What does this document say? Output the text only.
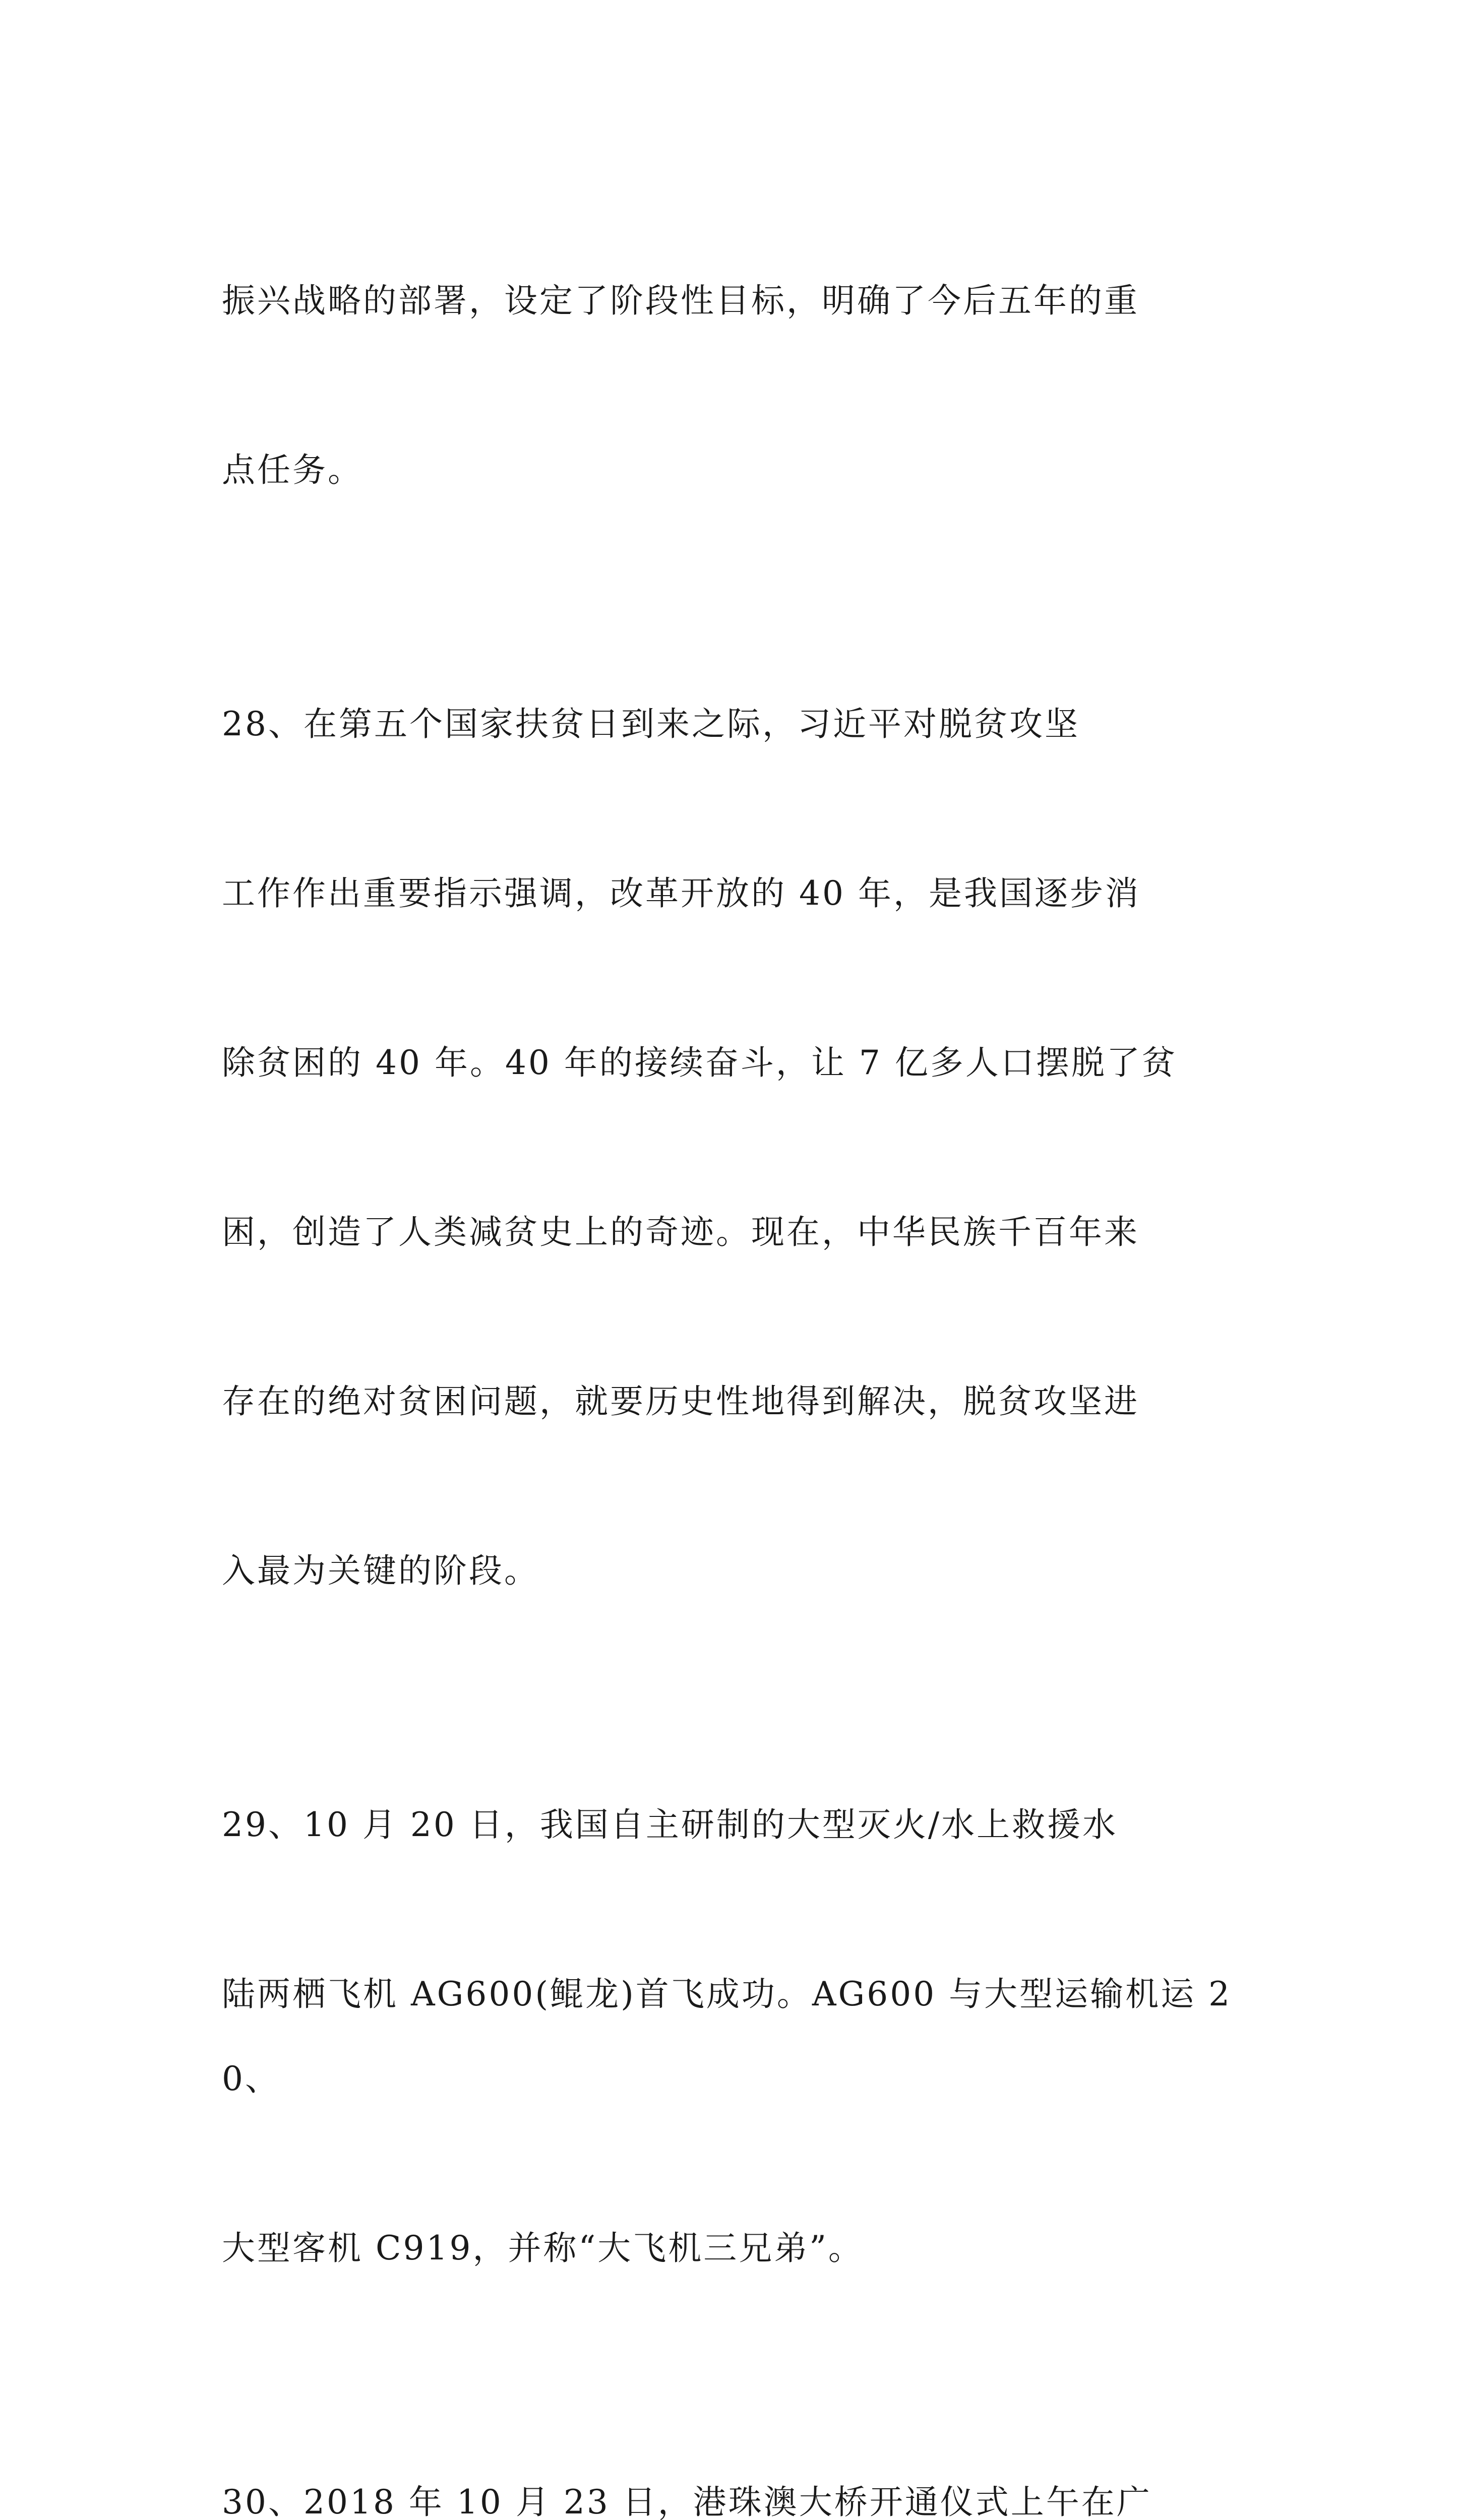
振兴战略的部署，设定了阶段性目标，明确了今后五年的重

点任务。

28、在第五个国家扶贫日到来之际，习近平对脱贫攻坚

工作作出重要指示强调，改革开放的 40 年，是我国逐步消

除贫困的 40 年。40 年的接续奋斗，让 7 亿多人口摆脱了贫

困，创造了人类减贫史上的奇迹。现在，中华民族千百年来

存在的绝对贫困问题，就要历史性地得到解决，脱贫攻坚进

入最为关键的阶段。

29、10 月 20 日，我国自主研制的大型灭火/水上救援水

陆两栖飞机 AG600(鲲龙)首飞成功。AG600 与大型运输机运 20、

大型客机 C919，并称“大飞机三兄弟”。

30、2018 年 10 月 23 日，港珠澳大桥开通仪式上午在广
